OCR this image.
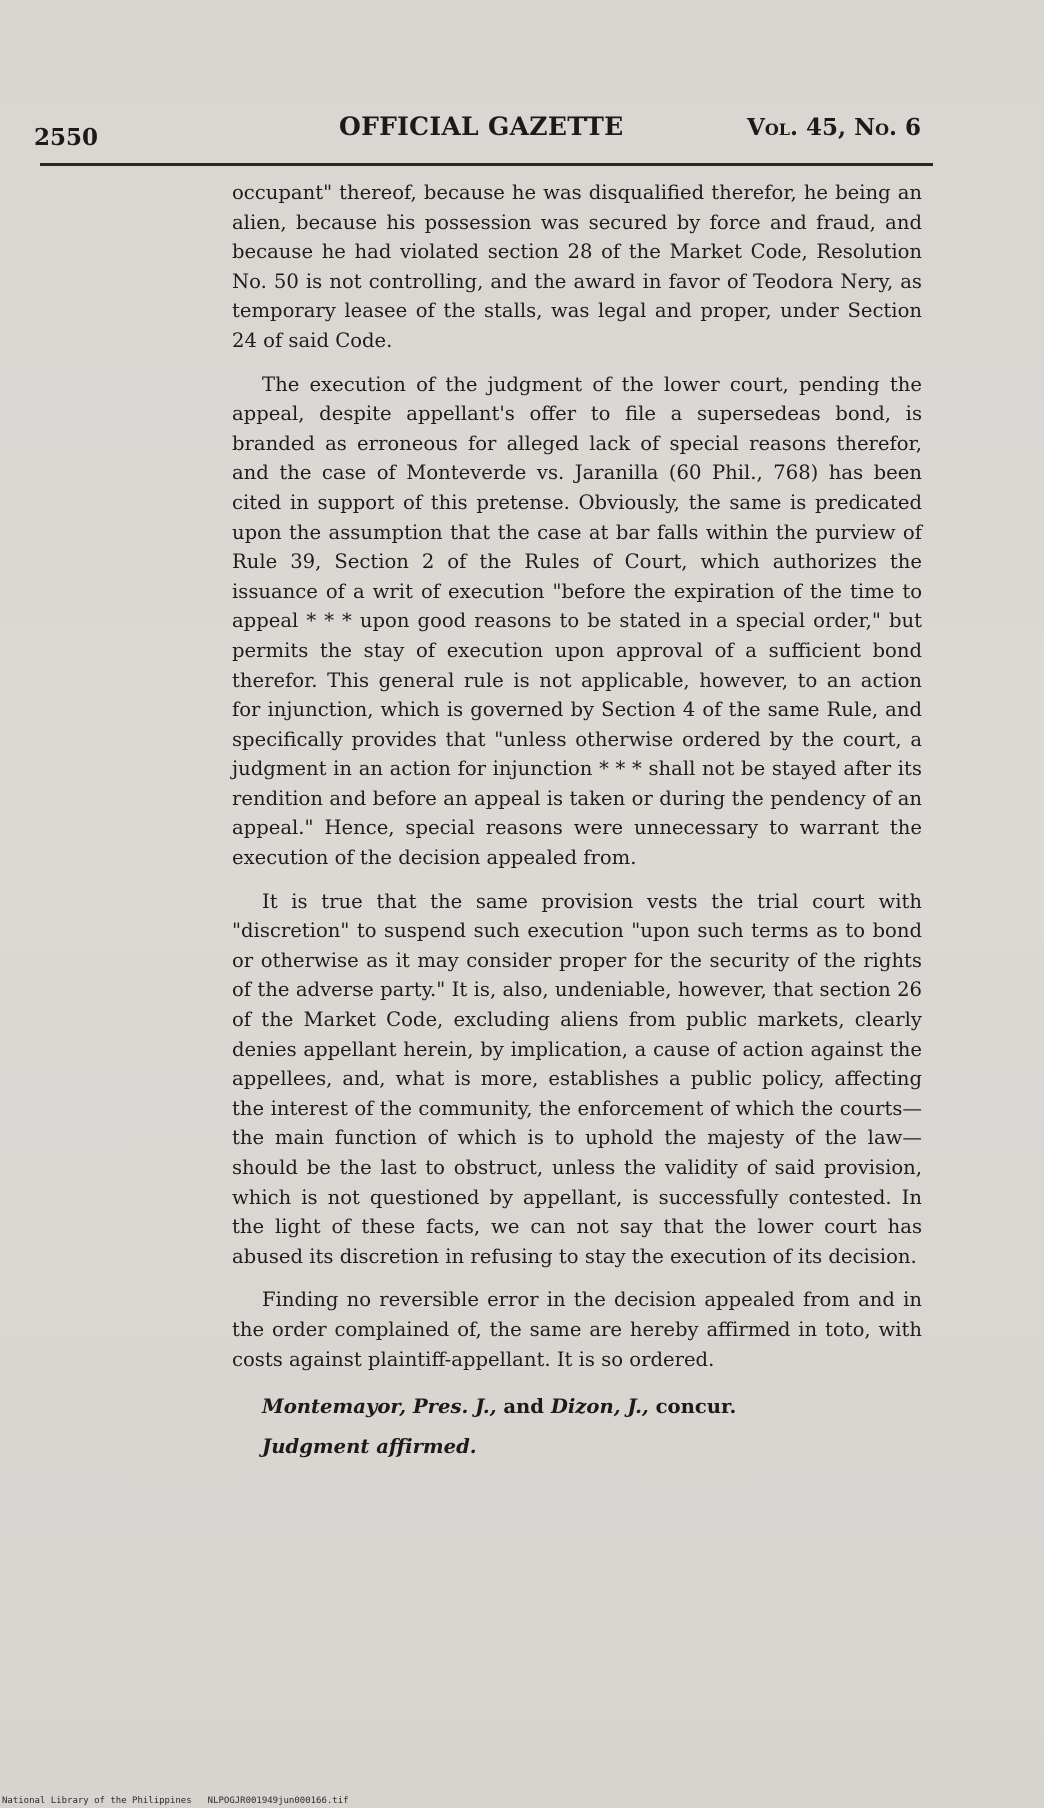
2550	OFFICIAL GAZETTE	Vol. 45, No. 6

occupant" thereof, because he was disqualified therefor, he being an alien, because his possession was secured by force and fraud, and because he had violated section 28 of the Market Code, Resolution No. 50 is not controlling, and the award in favor of Teodora Nery, as temporary leasee of the stalls, was legal and proper, under Section 24 of said Code.

The execution of the judgment of the lower court, pending the appeal, despite appellant's offer to file a supersedeas bond, is branded as erroneous for alleged lack of special reasons therefor, and the case of Monteverde vs. Jaranilla (60 Phil., 768) has been cited in support of this pretense. Obviously, the same is predicated upon the assumption that the case at bar falls within the purview of Rule 39, Section 2 of the Rules of Court, which authorizes the issuance of a writ of execution "before the expiration of the time to appeal * * * upon good reasons to be stated in a special order," but permits the stay of execution upon approval of a sufficient bond therefor. This general rule is not applicable, however, to an action for injunction, which is governed by Section 4 of the same Rule, and specifically provides that "unless otherwise ordered by the court, a judgment in an action for injunction * * * shall not be stayed after its rendition and before an appeal is taken or during the pendency of an appeal." Hence, special reasons were unnecessary to warrant the execution of the decision appealed from.

It is true that the same provision vests the trial court with "discretion" to suspend such execution "upon such terms as to bond or otherwise as it may consider proper for the security of the rights of the adverse party." It is, also, undeniable, however, that section 26 of the Market Code, excluding aliens from public markets, clearly denies appellant herein, by implication, a cause of action against the appellees, and, what is more, establishes a public policy, affecting the interest of the community, the enforcement of which the courts—the main function of which is to uphold the majesty of the law—should be the last to obstruct, unless the validity of said provision, which is not questioned by appellant, is successfully contested. In the light of these facts, we can not say that the lower court has abused its discretion in refusing to stay the execution of its decision.

Finding no reversible error in the decision appealed from and in the order complained of, the same are hereby affirmed in toto, with costs against plaintiff-appellant. It is so ordered.

Montemayor, Pres. J., and Dizon, J., concur.

Judgment affirmed.

National Library of the Philippines NLPOGJR001949jun000166.tif
